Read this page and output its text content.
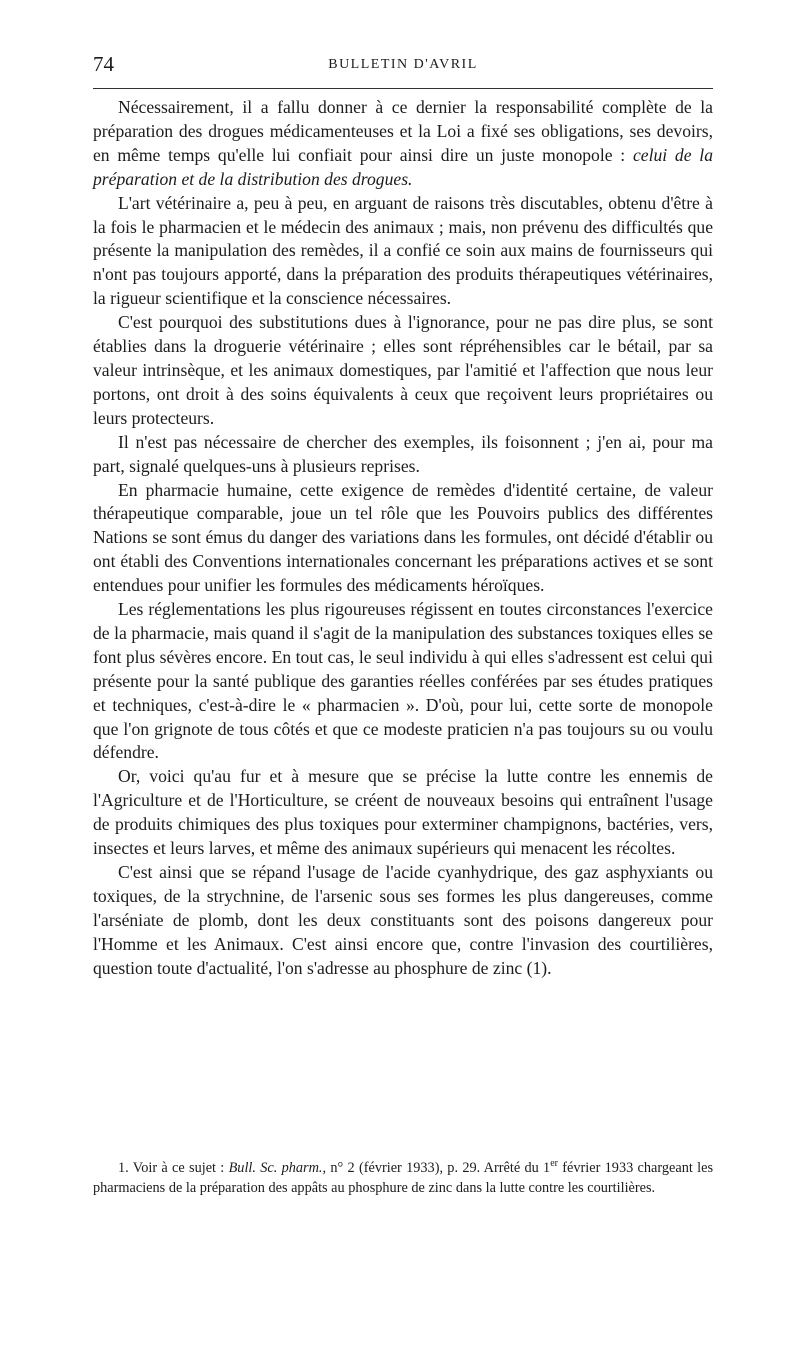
74	BULLETIN D'AVRIL

Nécessairement, il a fallu donner à ce dernier la responsabilité complète de la préparation des drogues médicamenteuses et la Loi a fixé ses obligations, ses devoirs, en même temps qu'elle lui confiait pour ainsi dire un juste monopole : celui de la préparation et de la distribution des drogues.

L'art vétérinaire a, peu à peu, en arguant de raisons très discutables, obtenu d'être à la fois le pharmacien et le médecin des animaux ; mais, non prévenu des difficultés que présente la manipulation des remèdes, il a confié ce soin aux mains de fournisseurs qui n'ont pas toujours apporté, dans la préparation des produits thérapeutiques vétérinaires, la rigueur scientifique et la conscience nécessaires.

C'est pourquoi des substitutions dues à l'ignorance, pour ne pas dire plus, se sont établies dans la droguerie vétérinaire ; elles sont répréhensibles car le bétail, par sa valeur intrinsèque, et les animaux domestiques, par l'amitié et l'affection que nous leur portons, ont droit à des soins équivalents à ceux que reçoivent leurs propriétaires ou leurs protecteurs.

Il n'est pas nécessaire de chercher des exemples, ils foisonnent ; j'en ai, pour ma part, signalé quelques-uns à plusieurs reprises.

En pharmacie humaine, cette exigence de remèdes d'identité certaine, de valeur thérapeutique comparable, joue un tel rôle que les Pouvoirs publics des différentes Nations se sont émus du danger des variations dans les formules, ont décidé d'établir ou ont établi des Conventions internationales concernant les préparations actives et se sont entendues pour unifier les formules des médicaments héroïques.

Les réglementations les plus rigoureuses régissent en toutes circonstances l'exercice de la pharmacie, mais quand il s'agit de la manipulation des substances toxiques elles se font plus sévères encore. En tout cas, le seul individu à qui elles s'adressent est celui qui présente pour la santé publique des garanties réelles conférées par ses études pratiques et techniques, c'est-à-dire le « pharmacien ». D'où, pour lui, cette sorte de monopole que l'on grignote de tous côtés et que ce modeste praticien n'a pas toujours su ou voulu défendre.

Or, voici qu'au fur et à mesure que se précise la lutte contre les ennemis de l'Agriculture et de l'Horticulture, se créent de nouveaux besoins qui entraînent l'usage de produits chimiques des plus toxiques pour exterminer champignons, bactéries, vers, insectes et leurs larves, et même des animaux supérieurs qui menacent les récoltes.

C'est ainsi que se répand l'usage de l'acide cyanhydrique, des gaz asphyxiants ou toxiques, de la strychnine, de l'arsenic sous ses formes les plus dangereuses, comme l'arséniate de plomb, dont les deux constituants sont des poisons dangereux pour l'Homme et les Animaux. C'est ainsi encore que, contre l'invasion des courtilières, question toute d'actualité, l'on s'adresse au phosphure de zinc (1).

1. Voir à ce sujet : Bull. Sc. pharm., n° 2 (février 1933), p. 29. Arrêté du 1er février 1933 chargeant les pharmaciens de la préparation des appâts au phosphure de zinc dans la lutte contre les courtilières.
